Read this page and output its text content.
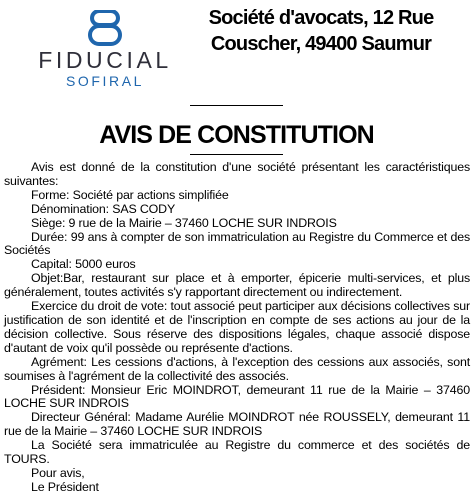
FIDUCIAL
SOFIRAL
Société d'avocats, 12 Rue
Couscher, 49400 Saumur
AVIS DE CONSTITUTION

Avis est donné de la constitution d'une société présentant les caractéristiques suivantes:

Forme: Société par actions simplifiée

Dénomination: SAS CODY

Siège: 9 rue de la Mairie – 37460 LOCHE SUR INDROIS

Durée: 99 ans à compter de son immatriculation au Registre du Commerce et des Sociétés

Capital: 5000 euros

Objet:Bar, restaurant sur place et à emporter, épicerie multi-services, et plus généralement, toutes activités s'y rapportant directement ou indirectement.

Exercice du droit de vote: tout associé peut participer aux décisions collectives sur justification de son identité et de l'inscription en compte de ses actions au jour de la décision collective. Sous réserve des dispositions légales, chaque associé dispose d'autant de voix qu'il possède ou représente d'actions.

Agrément: Les cessions d'actions, à l'exception des cessions aux associés, sont soumises à l'agrément de la collectivité des associés.

Président: Monsieur Eric MOINDROT, demeurant 11 rue de la Mairie – 37460 LOCHE SUR INDROIS

Directeur Général: Madame Aurélie MOINDROT née ROUSSELY, demeurant 11 rue de la Mairie – 37460 LOCHE SUR INDROIS

La Société sera immatriculée au Registre du commerce et des sociétés de TOURS.

Pour avis,

Le Président
